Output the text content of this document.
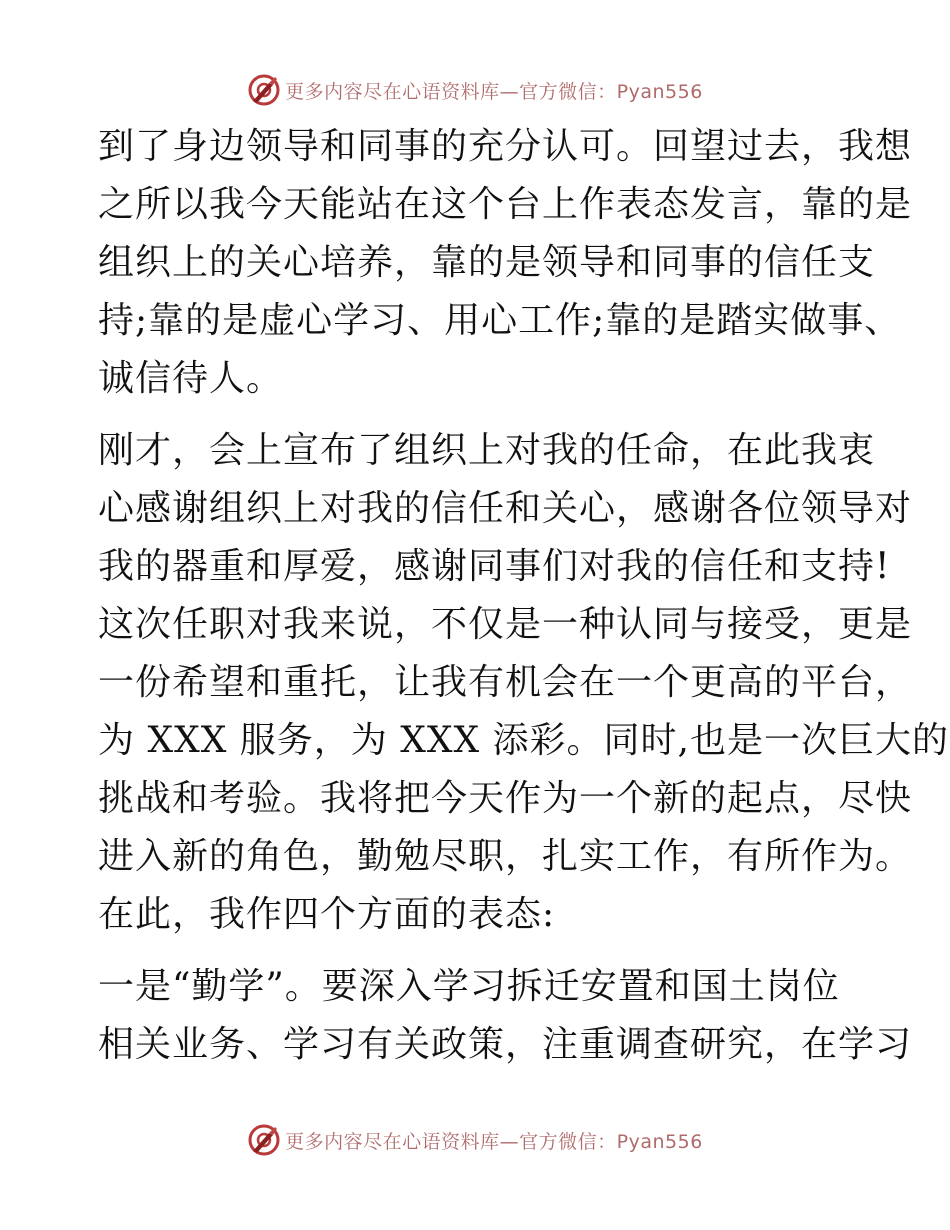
更多内容尽在心语资料库—官方微信：Pyan556
到了身边领导和同事的充分认可。回望过去，我想
之所以我今天能站在这个台上作表态发言，靠的是
组织上的关心培养，靠的是领导和同事的信任支
持;靠的是虚心学习、用心工作;靠的是踏实做事、
诚信待人。
刚才，会上宣布了组织上对我的任命，在此我衷
心感谢组织上对我的信任和关心，感谢各位领导对
我的器重和厚爱，感谢同事们对我的信任和支持!
这次任职对我来说，不仅是一种认同与接受，更是
一份希望和重托，让我有机会在一个更高的平台，
为 XXX 服务，为 XXX 添彩。同时,也是一次巨大的
挑战和考验。我将把今天作为一个新的起点，尽快
进入新的角色，勤勉尽职，扎实工作，有所作为。
在此，我作四个方面的表态:
一是“勤学”。要深入学习拆迁安置和国土岗位
相关业务、学习有关政策，注重调查研究，在学习
更多内容尽在心语资料库—官方微信：Pyan556
